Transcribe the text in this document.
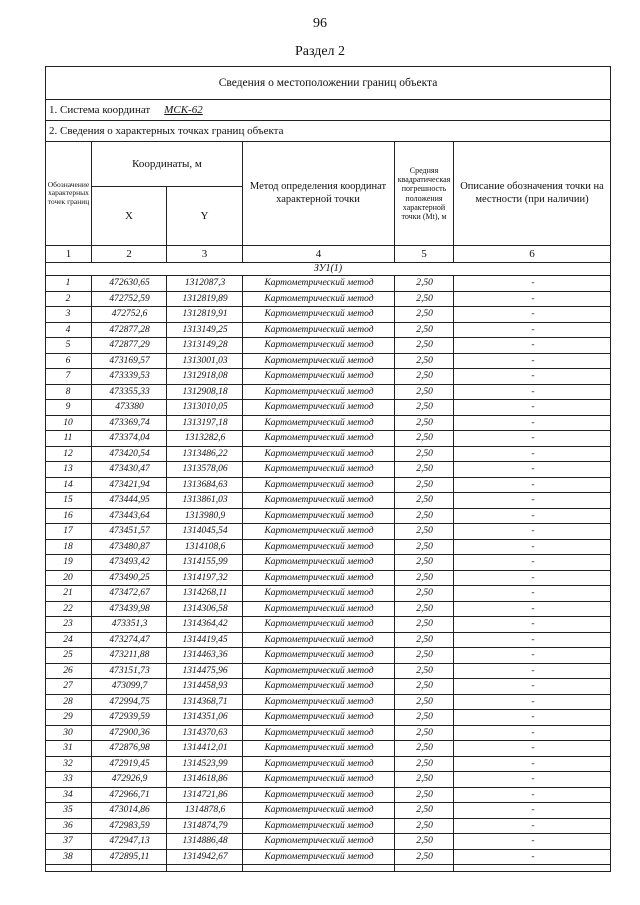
96
Раздел 2
Сведения о местоположении границ объекта
1. Система координат МСК-62
2. Сведения о характерных точках границ объекта
Обозначение характерных точек границ
Координаты, м
X	Y
Метод определения координат характерной точки
Средняя квадратическая погрешность положения характерной точки (Mt), м
Описание обозначения точки на местности (при наличии)
1	2	3	4	5	6
ЗУ1(1)
1	472630,65	1312087,3	Картометрический метод	2,50	-
2	472752,59	1312819,89	Картометрический метод	2,50	-
3	472752,6	1312819,91	Картометрический метод	2,50	-
4	472877,28	1313149,25	Картометрический метод	2,50	-
5	472877,29	1313149,28	Картометрический метод	2,50	-
6	473169,57	1313001,03	Картометрический метод	2,50	-
7	473339,53	1312918,08	Картометрический метод	2,50	-
8	473355,33	1312908,18	Картометрический метод	2,50	-
9	473380	1313010,05	Картометрический метод	2,50	-
10	473369,74	1313197,18	Картометрический метод	2,50	-
11	473374,04	1313282,6	Картометрический метод	2,50	-
12	473420,54	1313486,22	Картометрический метод	2,50	-
13	473430,47	1313578,06	Картометрический метод	2,50	-
14	473421,94	1313684,63	Картометрический метод	2,50	-
15	473444,95	1313861,03	Картометрический метод	2,50	-
16	473443,64	1313980,9	Картометрический метод	2,50	-
17	473451,57	1314045,54	Картометрический метод	2,50	-
18	473480,87	1314108,6	Картометрический метод	2,50	-
19	473493,42	1314155,99	Картометрический метод	2,50	-
20	473490,25	1314197,32	Картометрический метод	2,50	-
21	473472,67	1314268,11	Картометрический метод	2,50	-
22	473439,98	1314306,58	Картометрический метод	2,50	-
23	473351,3	1314364,42	Картометрический метод	2,50	-
24	473274,47	1314419,45	Картометрический метод	2,50	-
25	473211,88	1314463,36	Картометрический метод	2,50	-
26	473151,73	1314475,96	Картометрический метод	2,50	-
27	473099,7	1314458,93	Картометрический метод	2,50	-
28	472994,75	1314368,71	Картометрический метод	2,50	-
29	472939,59	1314351,06	Картометрический метод	2,50	-
30	472900,36	1314370,63	Картометрический метод	2,50	-
31	472876,98	1314412,01	Картометрический метод	2,50	-
32	472919,45	1314523,99	Картометрический метод	2,50	-
33	472926,9	1314618,86	Картометрический метод	2,50	-
34	472966,71	1314721,86	Картометрический метод	2,50	-
35	473014,86	1314878,6	Картометрический метод	2,50	-
36	472983,59	1314874,79	Картометрический метод	2,50	-
37	472947,13	1314886,48	Картометрический метод	2,50	-
38	472895,11	1314942,67	Картометрический метод	2,50	-
